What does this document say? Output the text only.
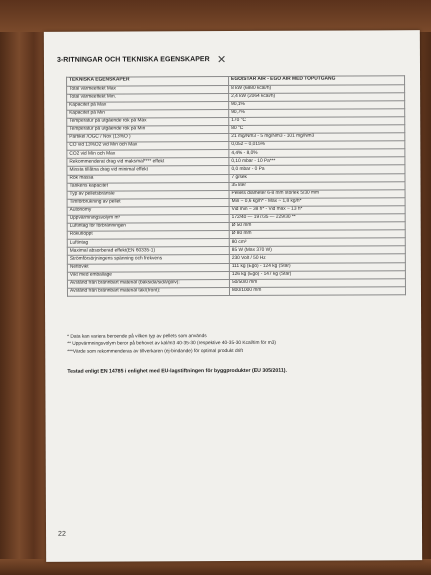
3-RITNINGAR OCH TEKNISKA EGENSKAPER ✕
TEKNISKA EGENSKAPER	EGO/STAR AIR - EGO AIR MED TOPUTGÅNG
Total värmeeffekt Max	8 kW (6880 kcal/h)
Total värmeeffekt Min.	2,4 kW (2064 kcal/h)
Kapacitet på Max	90,1%
Kapacitet på Min	90,7%
Temperatur på utgående rök på Max	170 °C
Temperatur på utgående rök på Min	80 °C
Partikel /OGC / Nox (13%O )	21 mg/Nm3 - 5 mg/Nm3 - 101 mg/Nm3
CO vid 13%O2 vid Min och Max	0,052 – 0,015%
CO2 vid Min och Max	4,4% - 8,0%
Rekommenderat drag vid maksmal**** effekt	0,10 mbar - 10 Pa***
Minsta tillåtna drag vid minimal effekt	0,0 mbar - 0 Pa
Rök massa	7 g/sek
Tankens kapacitet	35 liter
Typ av pelletsbränsle	Pellets diameter 6-8 mm storlek 5/30 mm
Timförbrukning av pellet	Min ~ 0,6 kg/h* - Max ~ 1,8 kg/h*
Autonomy	Vid min ~ 38 h* - Vid max ~ 13 h*
Uppvärmningsvolym m³	172/40 — 197/35 — 229/30 **
Luftintag för förbränningen	Ø 50 mm
Rökutlöppt	Ø 80 mm
Luftintag	80 cm²
Maximal absorberad effekt(EN 60335-1)	85 W (Max 370 W)
Strömförsörjningens spänning och frekvens	230 Volt / 50 Hz
Nettovikt	111 kg (Ego) - 124 kg (Star)
Vikt med emballage	126 kg (Ego) - 147 kg (Star)
Avstånd från brännbart material (baksida/sida/golv):	50/50/0 mm
Avstånd från brännbart material tak/(front):	800/1000 mm
* Data kan variera beroende på vilken typ av pellets som används
** Uppvärmningsvolym beror på behovet av kal/m3 40-35-30 (respektive 40-35-30 Kcal/tim för m3)
***Värde som rekommenderas av tillverkaren (ej-bindande) för optimal produkt drift
Testad enligt EN 14785 i enlighet med EU-lagstiftningen för byggprodukter (EU 305/2011).
22
